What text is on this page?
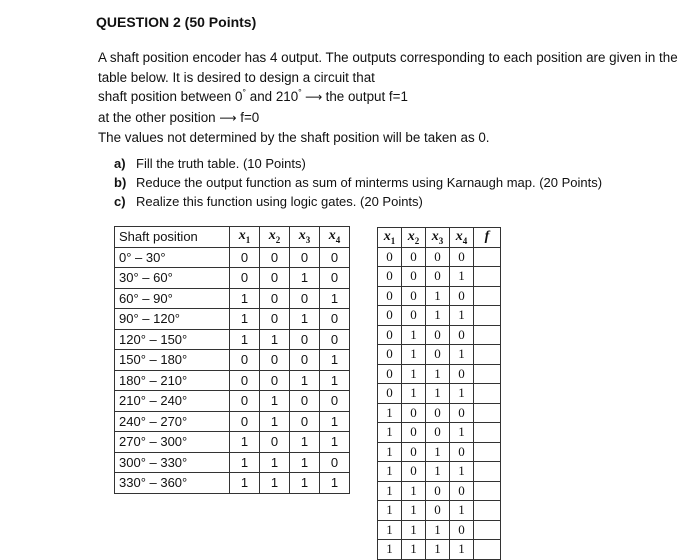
QUESTION 2 (50 Points)
A shaft position encoder has 4 output. The outputs corresponding to each position are given in the
table below. It is desired to design a circuit that
shaft position between 0° and 210° ⟶ the output f=1
at the other position ⟶ f=0
The values not determined by the shaft position will be taken as 0.
a) Fill the truth table. (10 Points)
b) Reduce the output function as sum of minterms using Karnaugh map. (20 Points)
c) Realize this function using logic gates. (20 Points)
Shaft position	$x_1$	$x_2$	$x_3$	$x_4$
0° – 30°	0	0	0	0
30° – 60°	0	0	1	0
60° – 90°	1	0	0	1
90° – 120°	1	0	1	0
120° – 150°	1	1	0	0
150° – 180°	0	0	0	1
180° – 210°	0	0	1	1
210° – 240°	0	1	0	0
240° – 270°	0	1	0	1
270° – 300°	1	0	1	1
300° – 330°	1	1	1	0
330° – 360°	1	1	1	1
$x_1$	$x_2$	$x_3$	$x_4$	f
0	0	0	0	
0	0	0	1	
0	0	1	0	
0	0	1	1	
0	1	0	0	
0	1	0	1	
0	1	1	0	
0	1	1	1	
1	0	0	0	
1	0	0	1	
1	0	1	0	
1	0	1	1	
1	1	0	0	
1	1	0	1	
1	1	1	0	
1	1	1	1	
